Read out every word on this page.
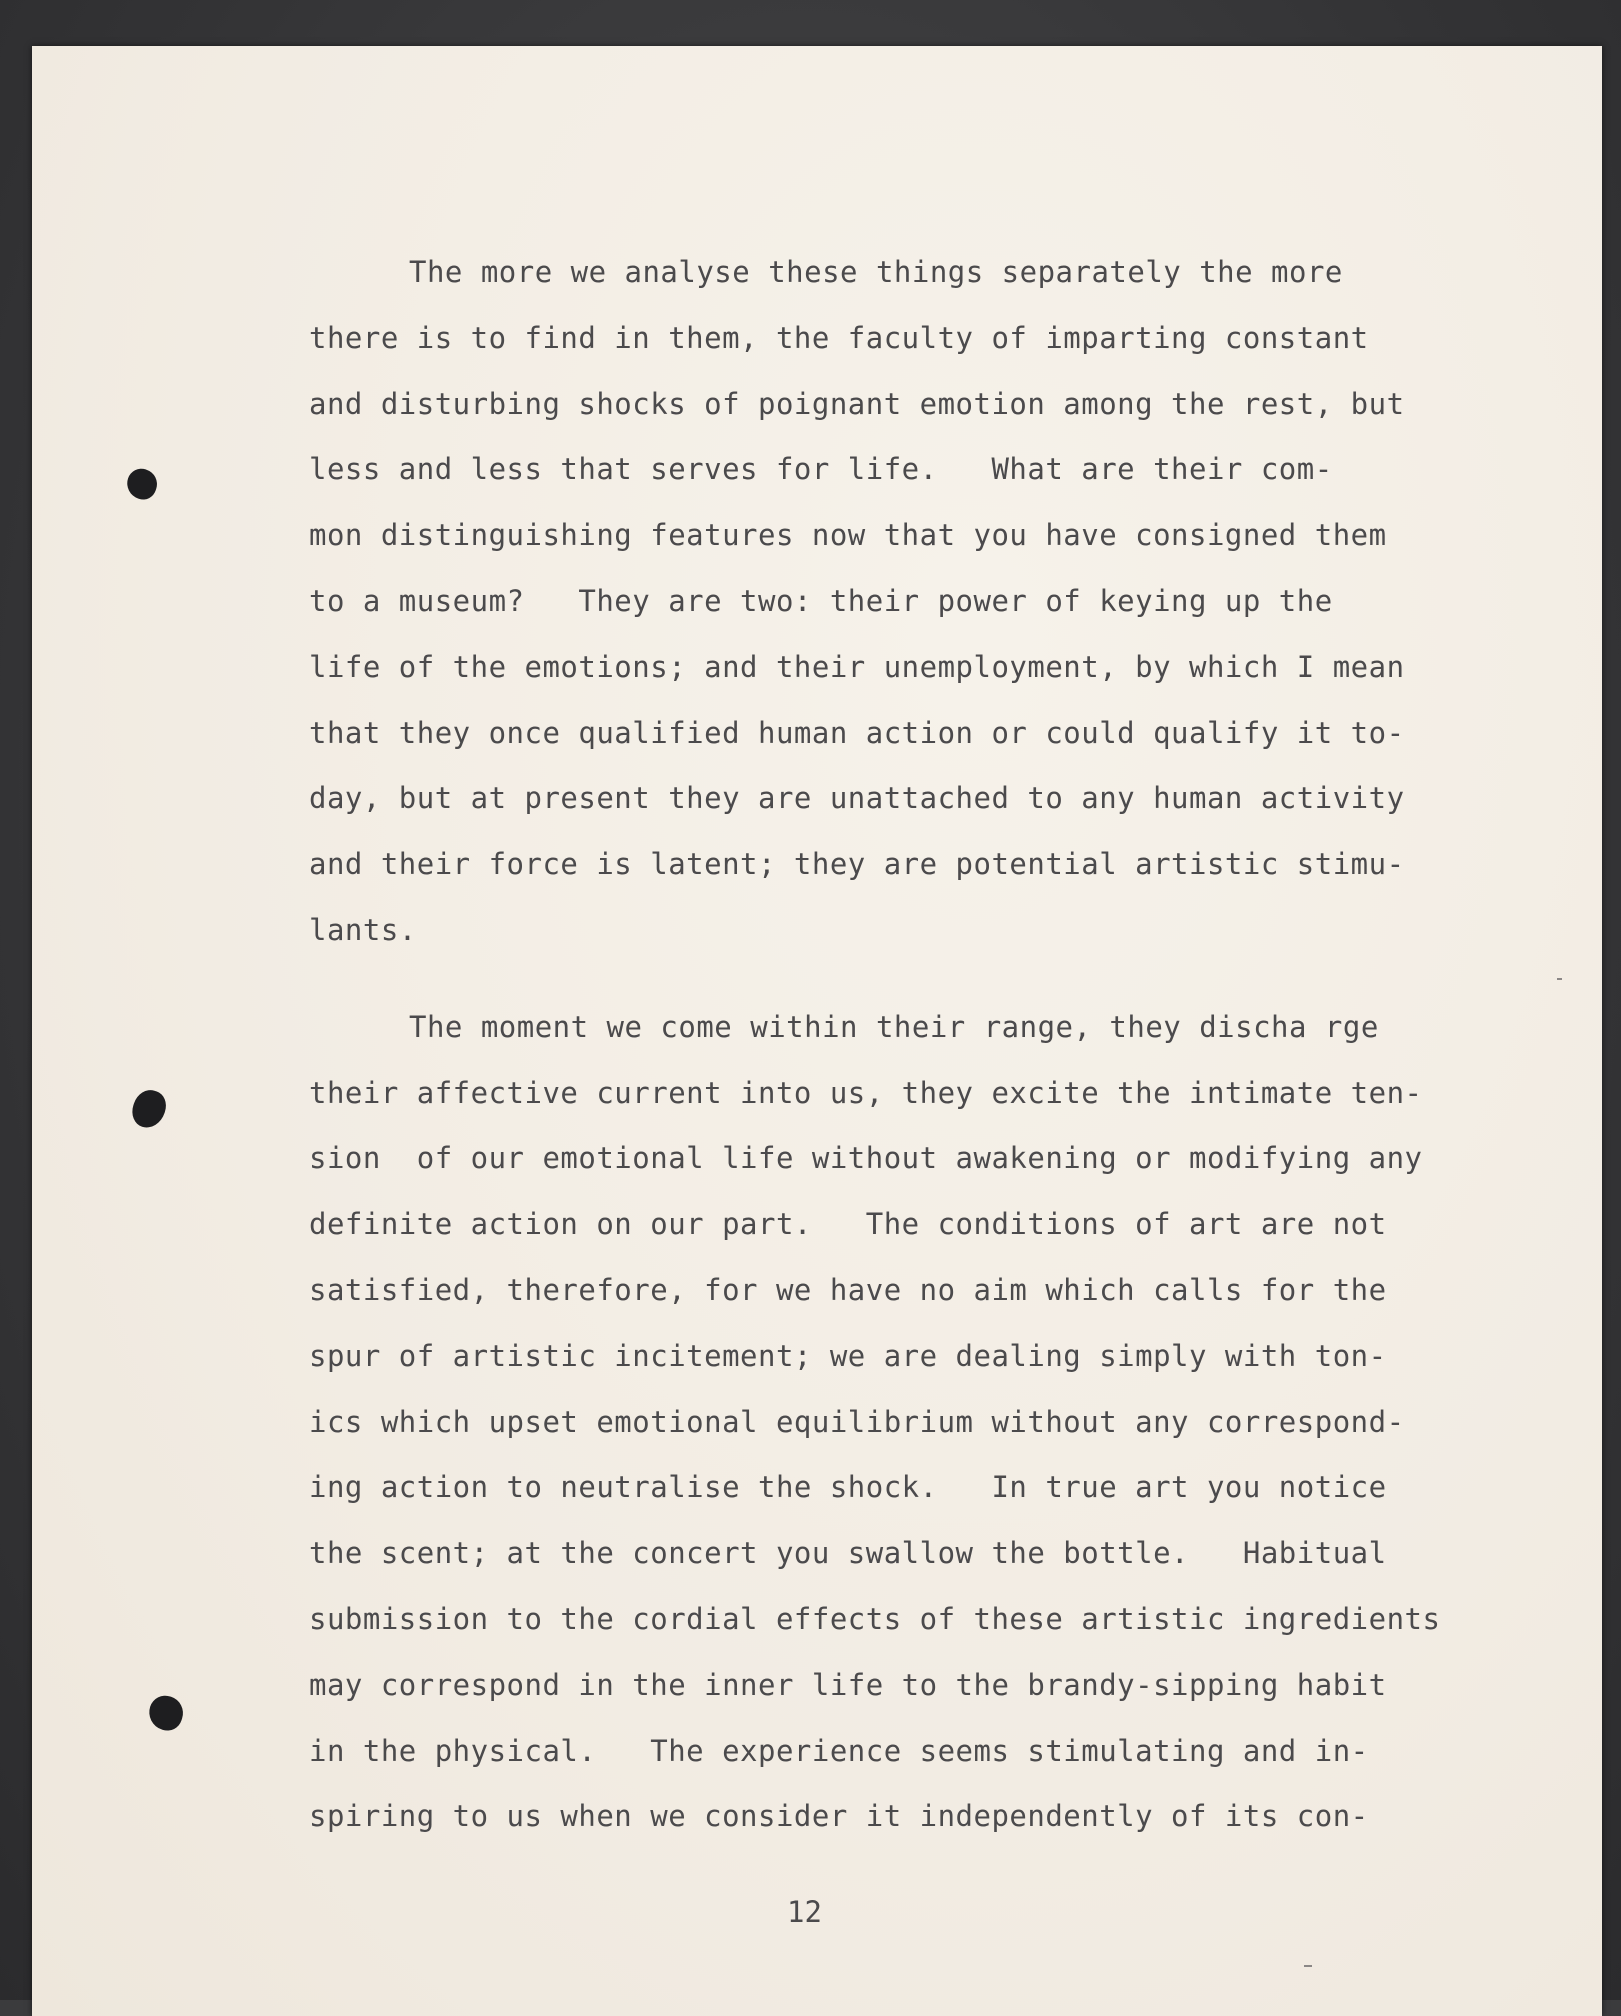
The more we analyse these things separately the more
there is to find in them, the faculty of imparting constant
and disturbing shocks of poignant emotion among the rest, but
less and less that serves for life.   What are their com-
mon distinguishing features now that you have consigned them
to a museum?   They are two: their power of keying up the
life of the emotions; and their unemployment, by which I mean
that they once qualified human action or could qualify it to-
day, but at present they are unattached to any human activity
and their force is latent; they are potential artistic stimu-
lants.
The moment we come within their range, they discha rge
their affective current into us, they excite the intimate ten-
sion  of our emotional life without awakening or modifying any
definite action on our part.   The conditions of art are not
satisfied, therefore, for we have no aim which calls for the
spur of artistic incitement; we are dealing simply with ton-
ics which upset emotional equilibrium without any correspond-
ing action to neutralise the shock.   In true art you notice
the scent; at the concert you swallow the bottle.   Habitual
submission to the cordial effects of these artistic ingredients
may correspond in the inner life to the brandy-sipping habit
in the physical.   The experience seems stimulating and in-
spiring to us when we consider it independently of its con-
12
